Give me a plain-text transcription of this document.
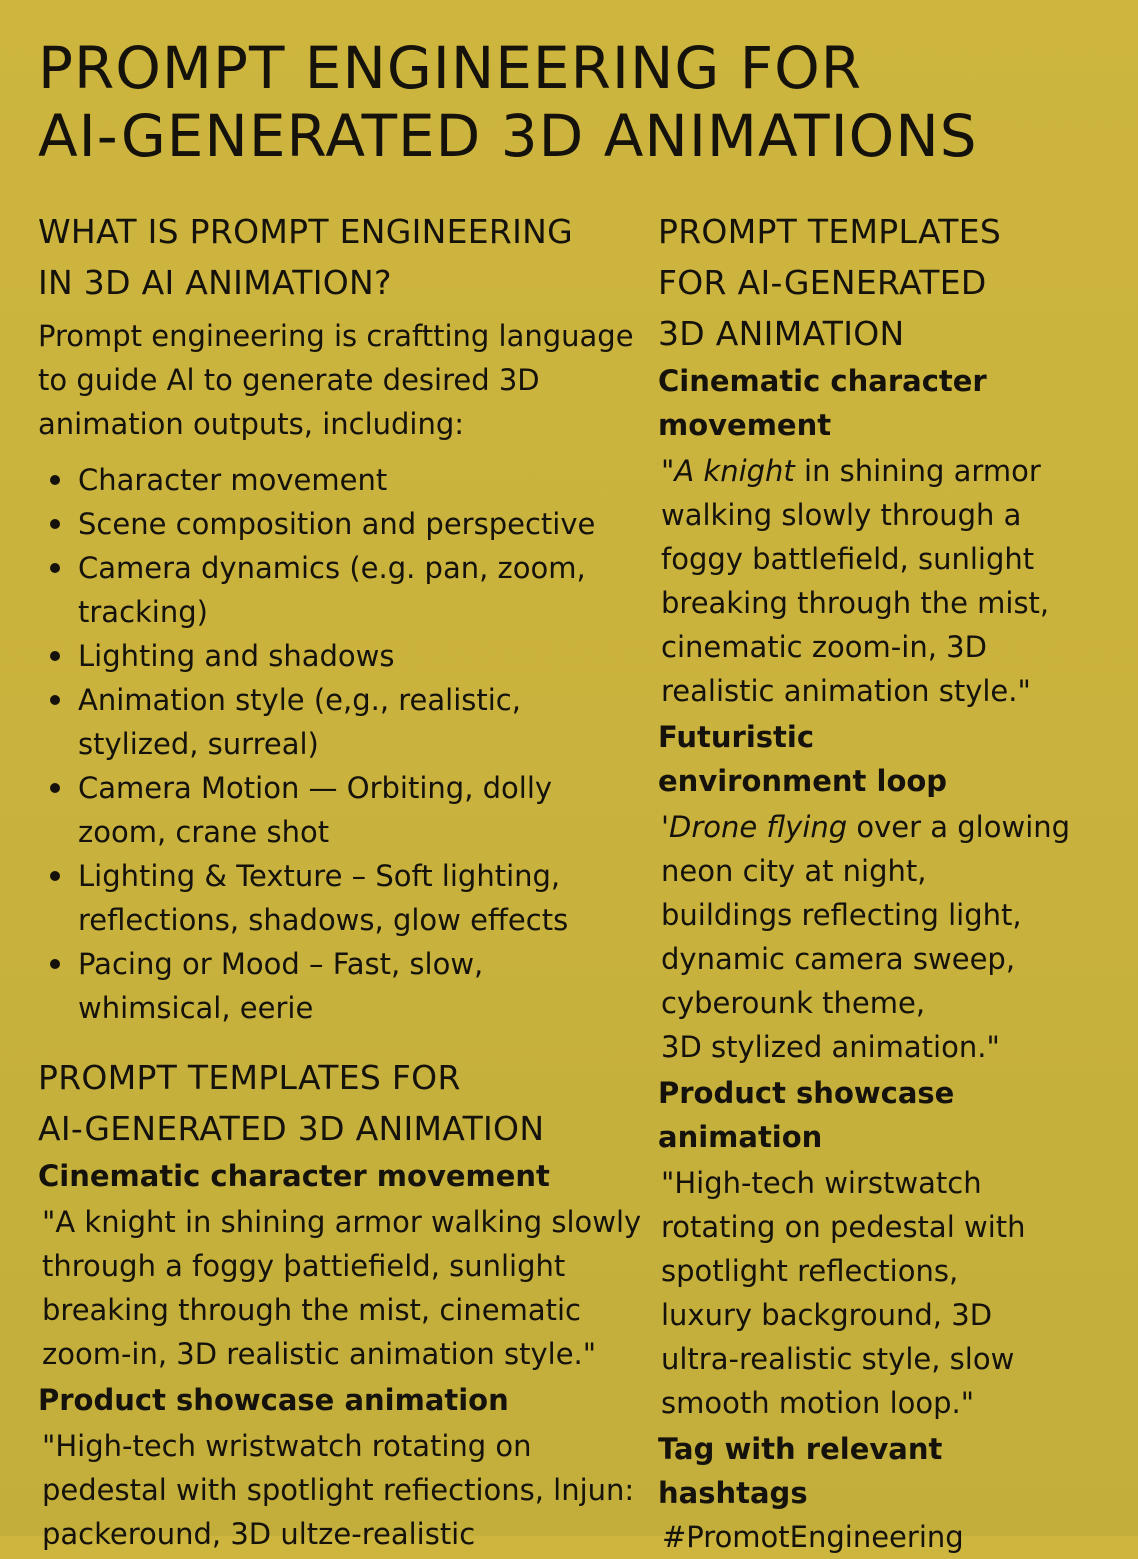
PROMPT ENGINEERING FOR
AI-GENERATED 3D ANIMATIONS
WHAT IS PROMPT ENGINEERING
IN 3D AI ANIMATION?

Prompt engineering is craftting language to guide Al to generate desired 3D animation outputs, including:

Character movement
Scene composition and perspective
Camera dynamics (e.g. pan, zoom, tracking)
Lighting and shadows
Animation style (e,g., realistic, stylized, surreal)
Camera Motion — Orbiting, dolly zoom, crane shot
Lighting & Texture – Soft lighting, reflections, shadows, glow effects
Pacing or Mood – Fast, slow, whimsical, eerie
PROMPT TEMPLATES FOR
AI-GENERATED 3D ANIMATION
Cinematic character movement

"A knight in shining armor walking slowly through a foggy þattiefield, sunlight breaking through the mist, cinematic zoom-in, 3D realistic animation style."

Product showcase animation

"High-tech wristwatch rotating on pedestal with spotlight refiections, lnjun: packeround, 3D ultze-realistic

PROMPT TEMPLATES
FOR AI-GENERATED
3D ANIMATION
Cinematic character movement
"A knight in shining armor
walking slowly through a
foggy battlefield, sunlight
breaking through the mist,
cinematic zoom-in, 3D
realistic animation style."
Futuristic environment loop
'Drone flying over a glowing
neon city at night,
buildings reflecting light,
dynamic camera sweep,
cyberounk theme,
3D stylized animation."
Product showcase animation
"High-tech wirstwatch
rotating on pedestal with
spotlight reflections,
luxury background, 3D
ultra-realistic style, slow
smooth motion loop."
Tag with relevant hashtags
#PromotEngineering
